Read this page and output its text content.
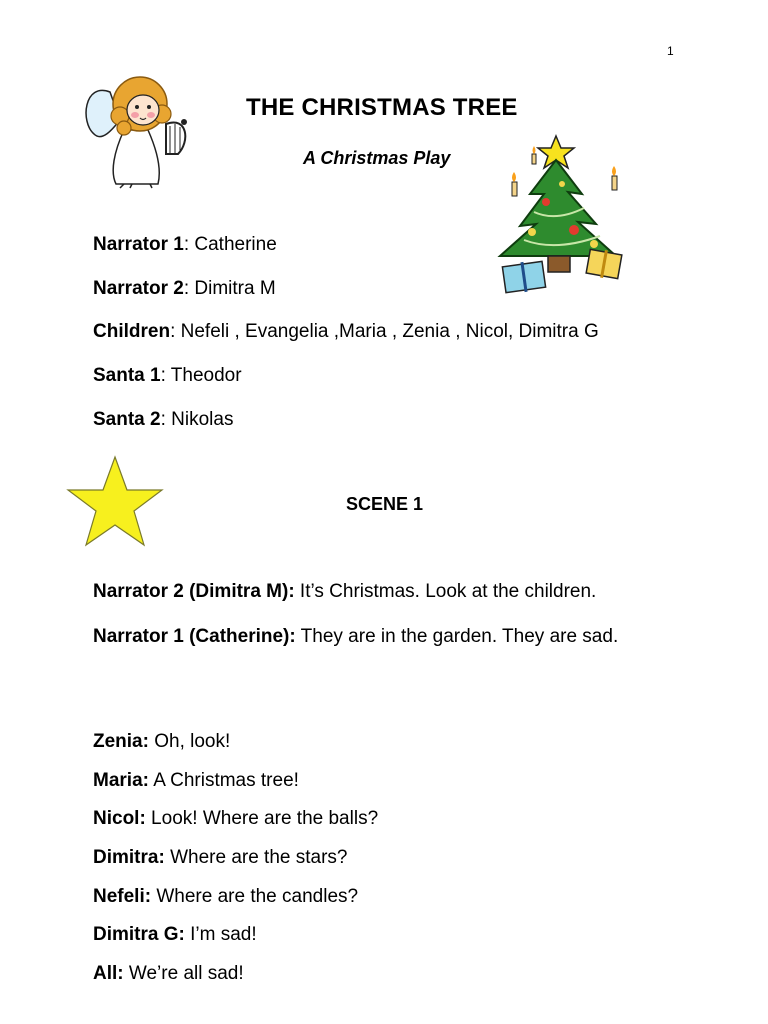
1
THE CHRISTMAS TREE
A Christmas Play
Narrator 1: Catherine
Narrator 2: Dimitra M
Children: Nefeli , Evangelia ,Maria , Zenia , Nicol, Dimitra G
Santa 1: Theodor
Santa 2: Nikolas
SCENE 1
Narrator 2 (Dimitra M): It’s Christmas. Look at the children.
Narrator 1 (Catherine): They are in the garden. They are sad.
Zenia: Oh, look!
Maria: A Christmas tree!
Nicol: Look! Where are the balls?
Dimitra: Where are the stars?
Nefeli: Where are the candles?
Dimitra G: I’m sad!
All: We’re all sad!
